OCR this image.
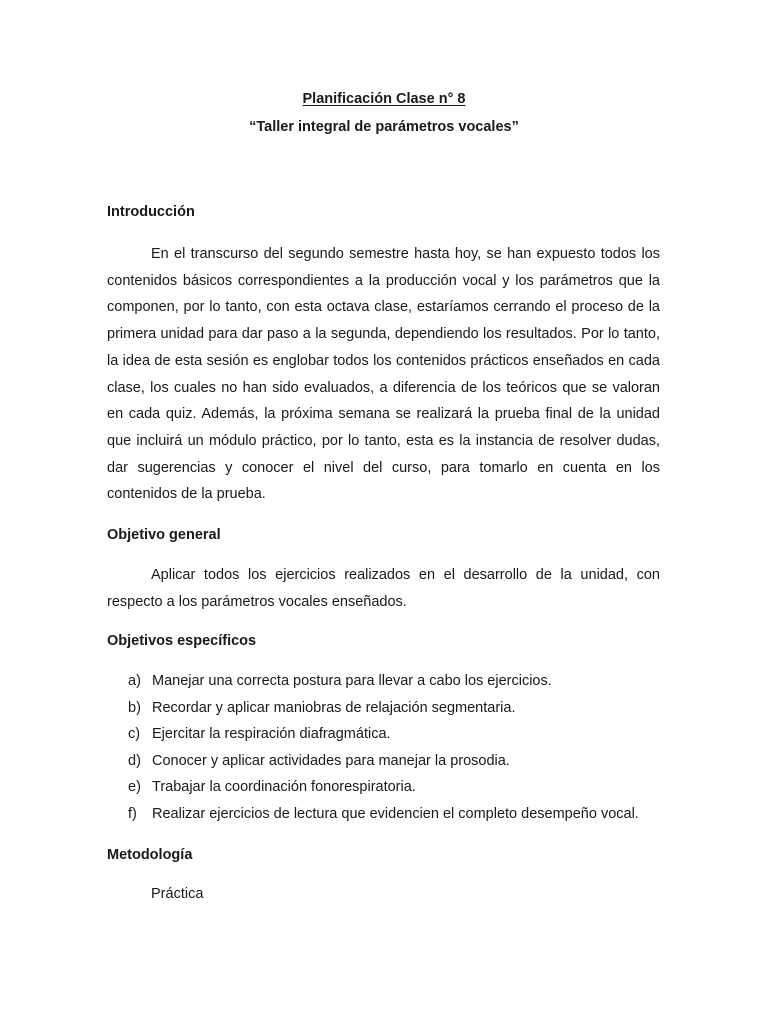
Planificación Clase n° 8
“Taller integral de parámetros vocales”
Introducción

En el transcurso del segundo semestre hasta hoy, se han expuesto todos los contenidos básicos correspondientes a la producción vocal y los parámetros que la componen, por lo tanto, con esta octava clase, estaríamos cerrando el proceso de la primera unidad para dar paso a la segunda, dependiendo los resultados. Por lo tanto, la idea de esta sesión es englobar todos los contenidos prácticos enseñados en cada clase, los cuales no han sido evaluados, a diferencia de los teóricos que se valoran en cada quiz. Además, la próxima semana se realizará la prueba final de la unidad que incluirá un módulo práctico, por lo tanto, esta es la instancia de resolver dudas, dar sugerencias y conocer el nivel del curso, para tomarlo en cuenta en los contenidos de la prueba.

Objetivo general

Aplicar todos los ejercicios realizados en el desarrollo de la unidad, con respecto a los parámetros vocales enseñados.

Objetivos específicos
a) Manejar una correcta postura para llevar a cabo los ejercicios.
b) Recordar y aplicar maniobras de relajación segmentaria.
c) Ejercitar la respiración diafragmática.
d) Conocer y aplicar actividades para manejar la prosodia.
e) Trabajar la coordinación fonorespiratoria.
f) Realizar ejercicios de lectura que evidencien el completo desempeño vocal.
Metodología
Práctica
